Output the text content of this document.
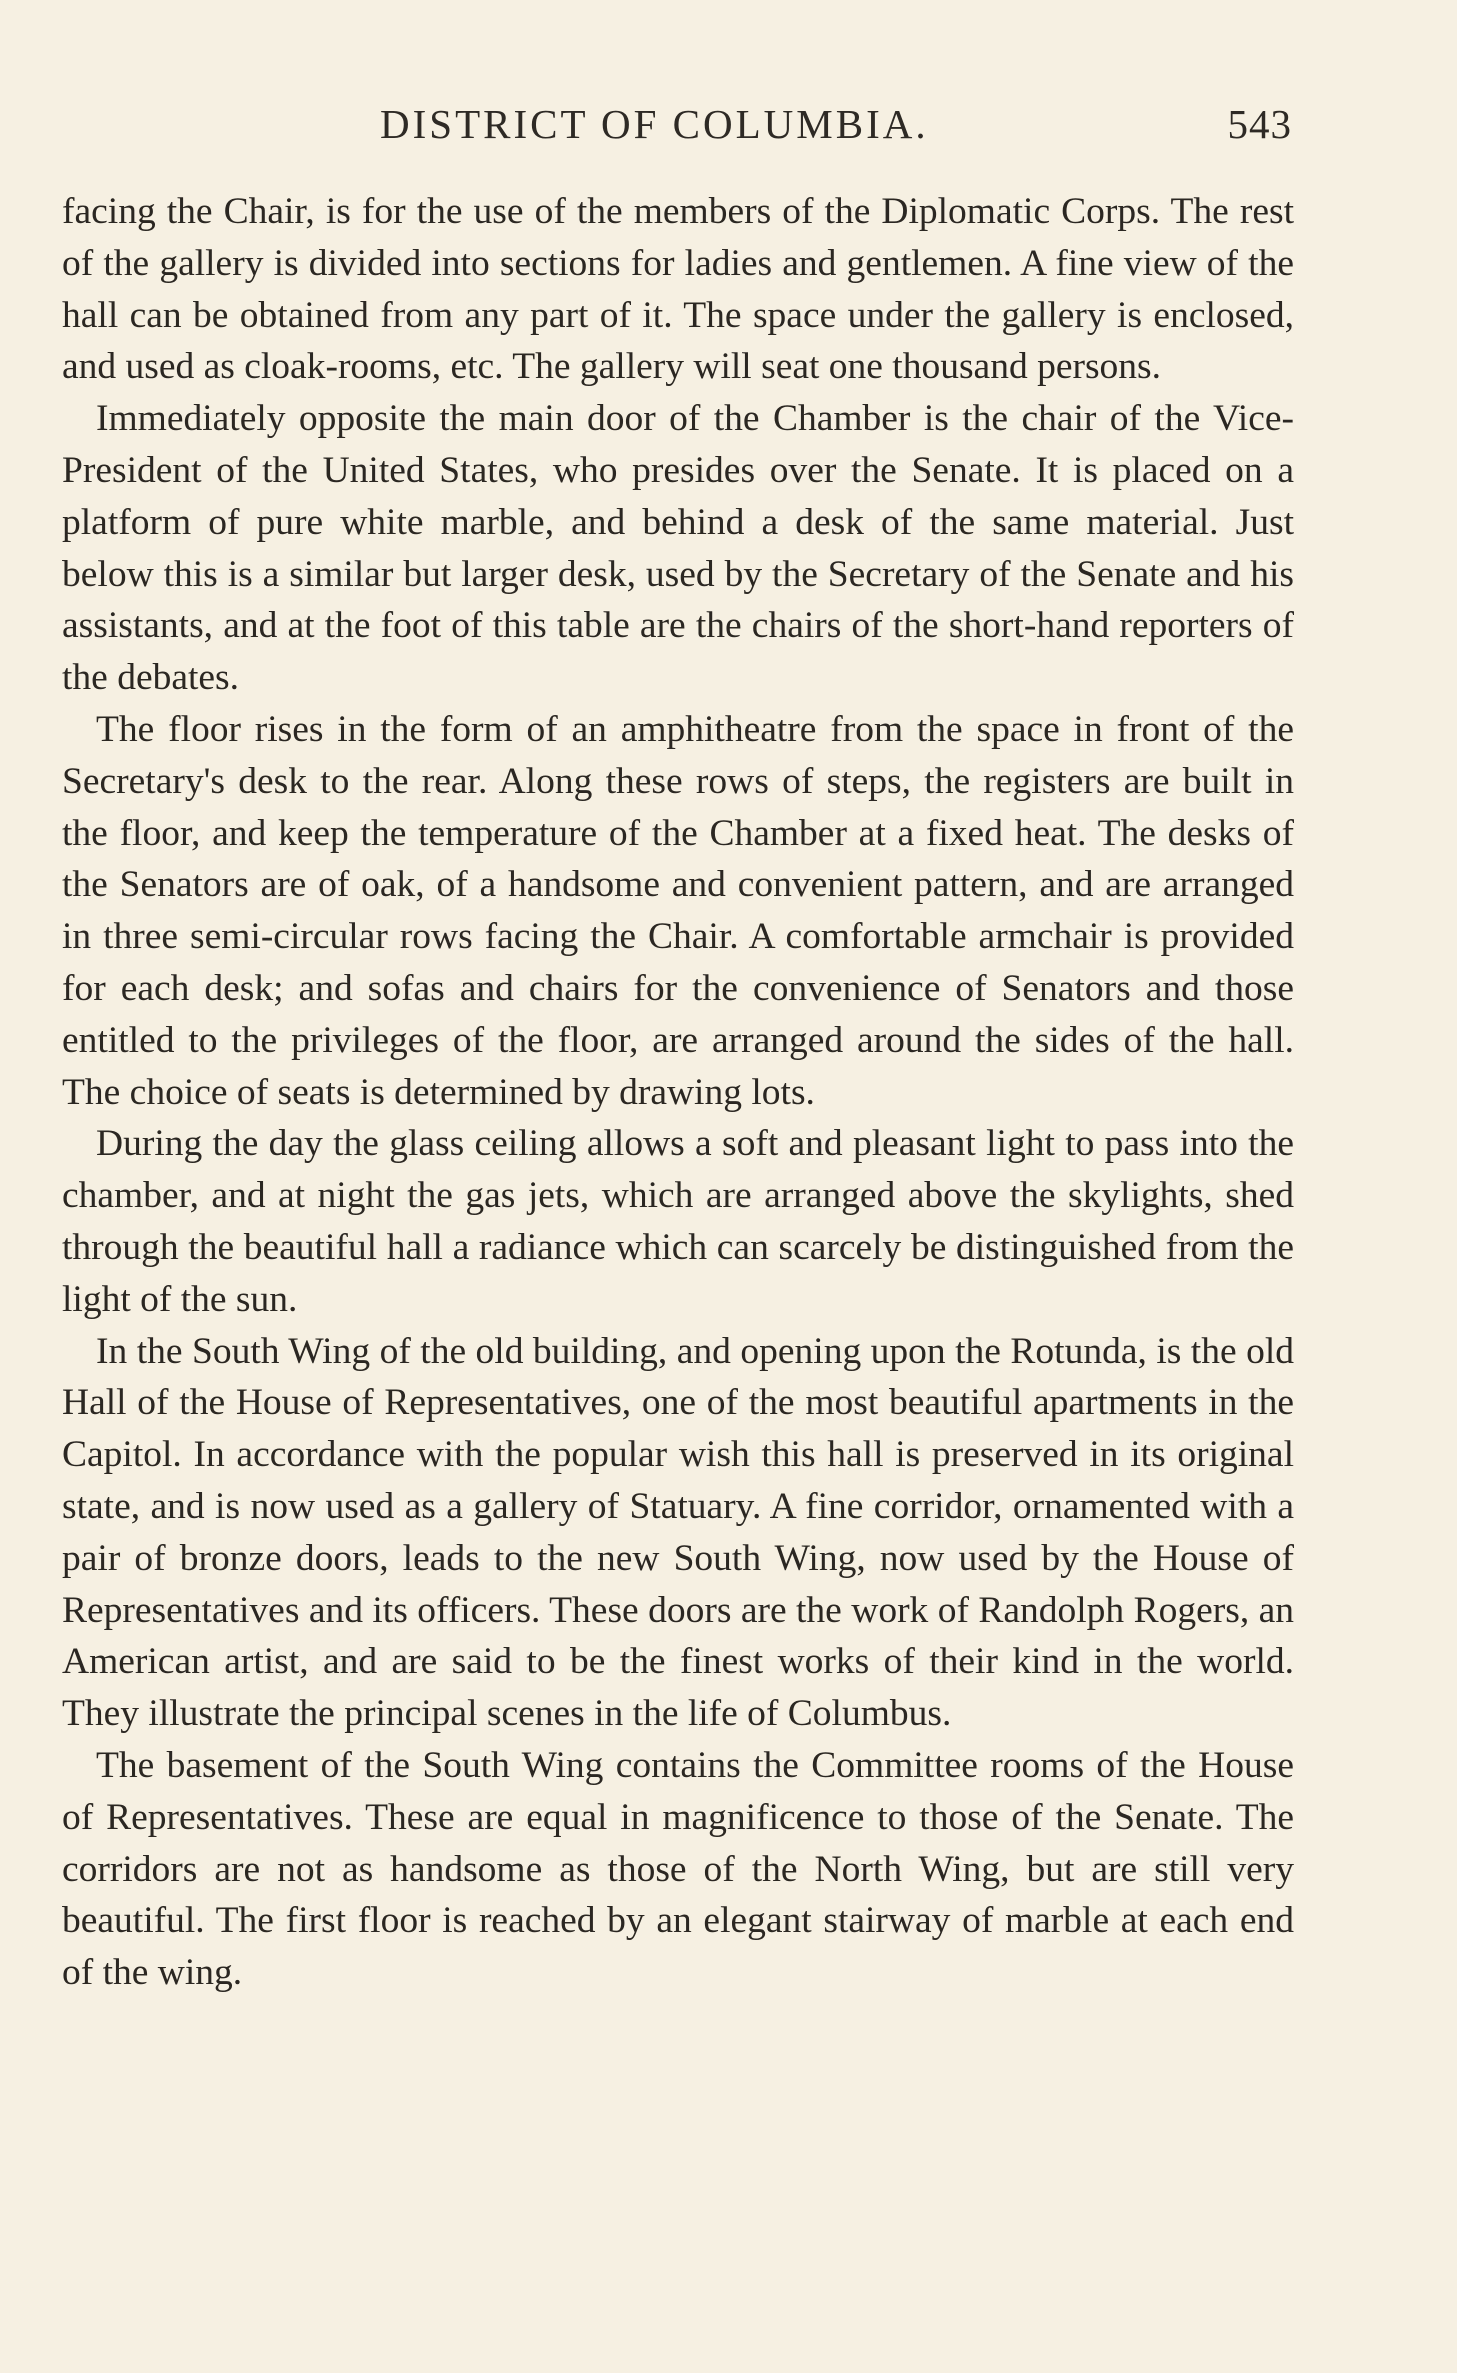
DISTRICT OF COLUMBIA.	543

facing the Chair, is for the use of the members of the Diplomatic Corps. The rest of the gallery is divided into sections for ladies and gentlemen. A fine view of the hall can be obtained from any part of it. The space under the gallery is enclosed, and used as cloak-rooms, etc. The gallery will seat one thousand persons.

Immediately opposite the main door of the Chamber is the chair of the Vice-President of the United States, who presides over the Senate. It is placed on a platform of pure white marble, and behind a desk of the same material. Just below this is a similar but larger desk, used by the Secretary of the Senate and his assistants, and at the foot of this table are the chairs of the short-hand reporters of the debates.

The floor rises in the form of an amphitheatre from the space in front of the Secretary's desk to the rear. Along these rows of steps, the registers are built in the floor, and keep the temperature of the Chamber at a fixed heat. The desks of the Senators are of oak, of a handsome and convenient pattern, and are arranged in three semi-circular rows facing the Chair. A comfortable armchair is provided for each desk; and sofas and chairs for the convenience of Senators and those entitled to the privileges of the floor, are arranged around the sides of the hall. The choice of seats is determined by drawing lots.

During the day the glass ceiling allows a soft and pleasant light to pass into the chamber, and at night the gas jets, which are arranged above the skylights, shed through the beautiful hall a radiance which can scarcely be distinguished from the light of the sun.

In the South Wing of the old building, and opening upon the Rotunda, is the old Hall of the House of Representatives, one of the most beautiful apartments in the Capitol. In accordance with the popular wish this hall is preserved in its original state, and is now used as a gallery of Statuary. A fine corridor, ornamented with a pair of bronze doors, leads to the new South Wing, now used by the House of Representatives and its officers. These doors are the work of Randolph Rogers, an American artist, and are said to be the finest works of their kind in the world. They illustrate the principal scenes in the life of Columbus.

The basement of the South Wing contains the Committee rooms of the House of Representatives. These are equal in magnificence to those of the Senate. The corridors are not as handsome as those of the North Wing, but are still very beautiful. The first floor is reached by an elegant stairway of marble at each end of the wing.
